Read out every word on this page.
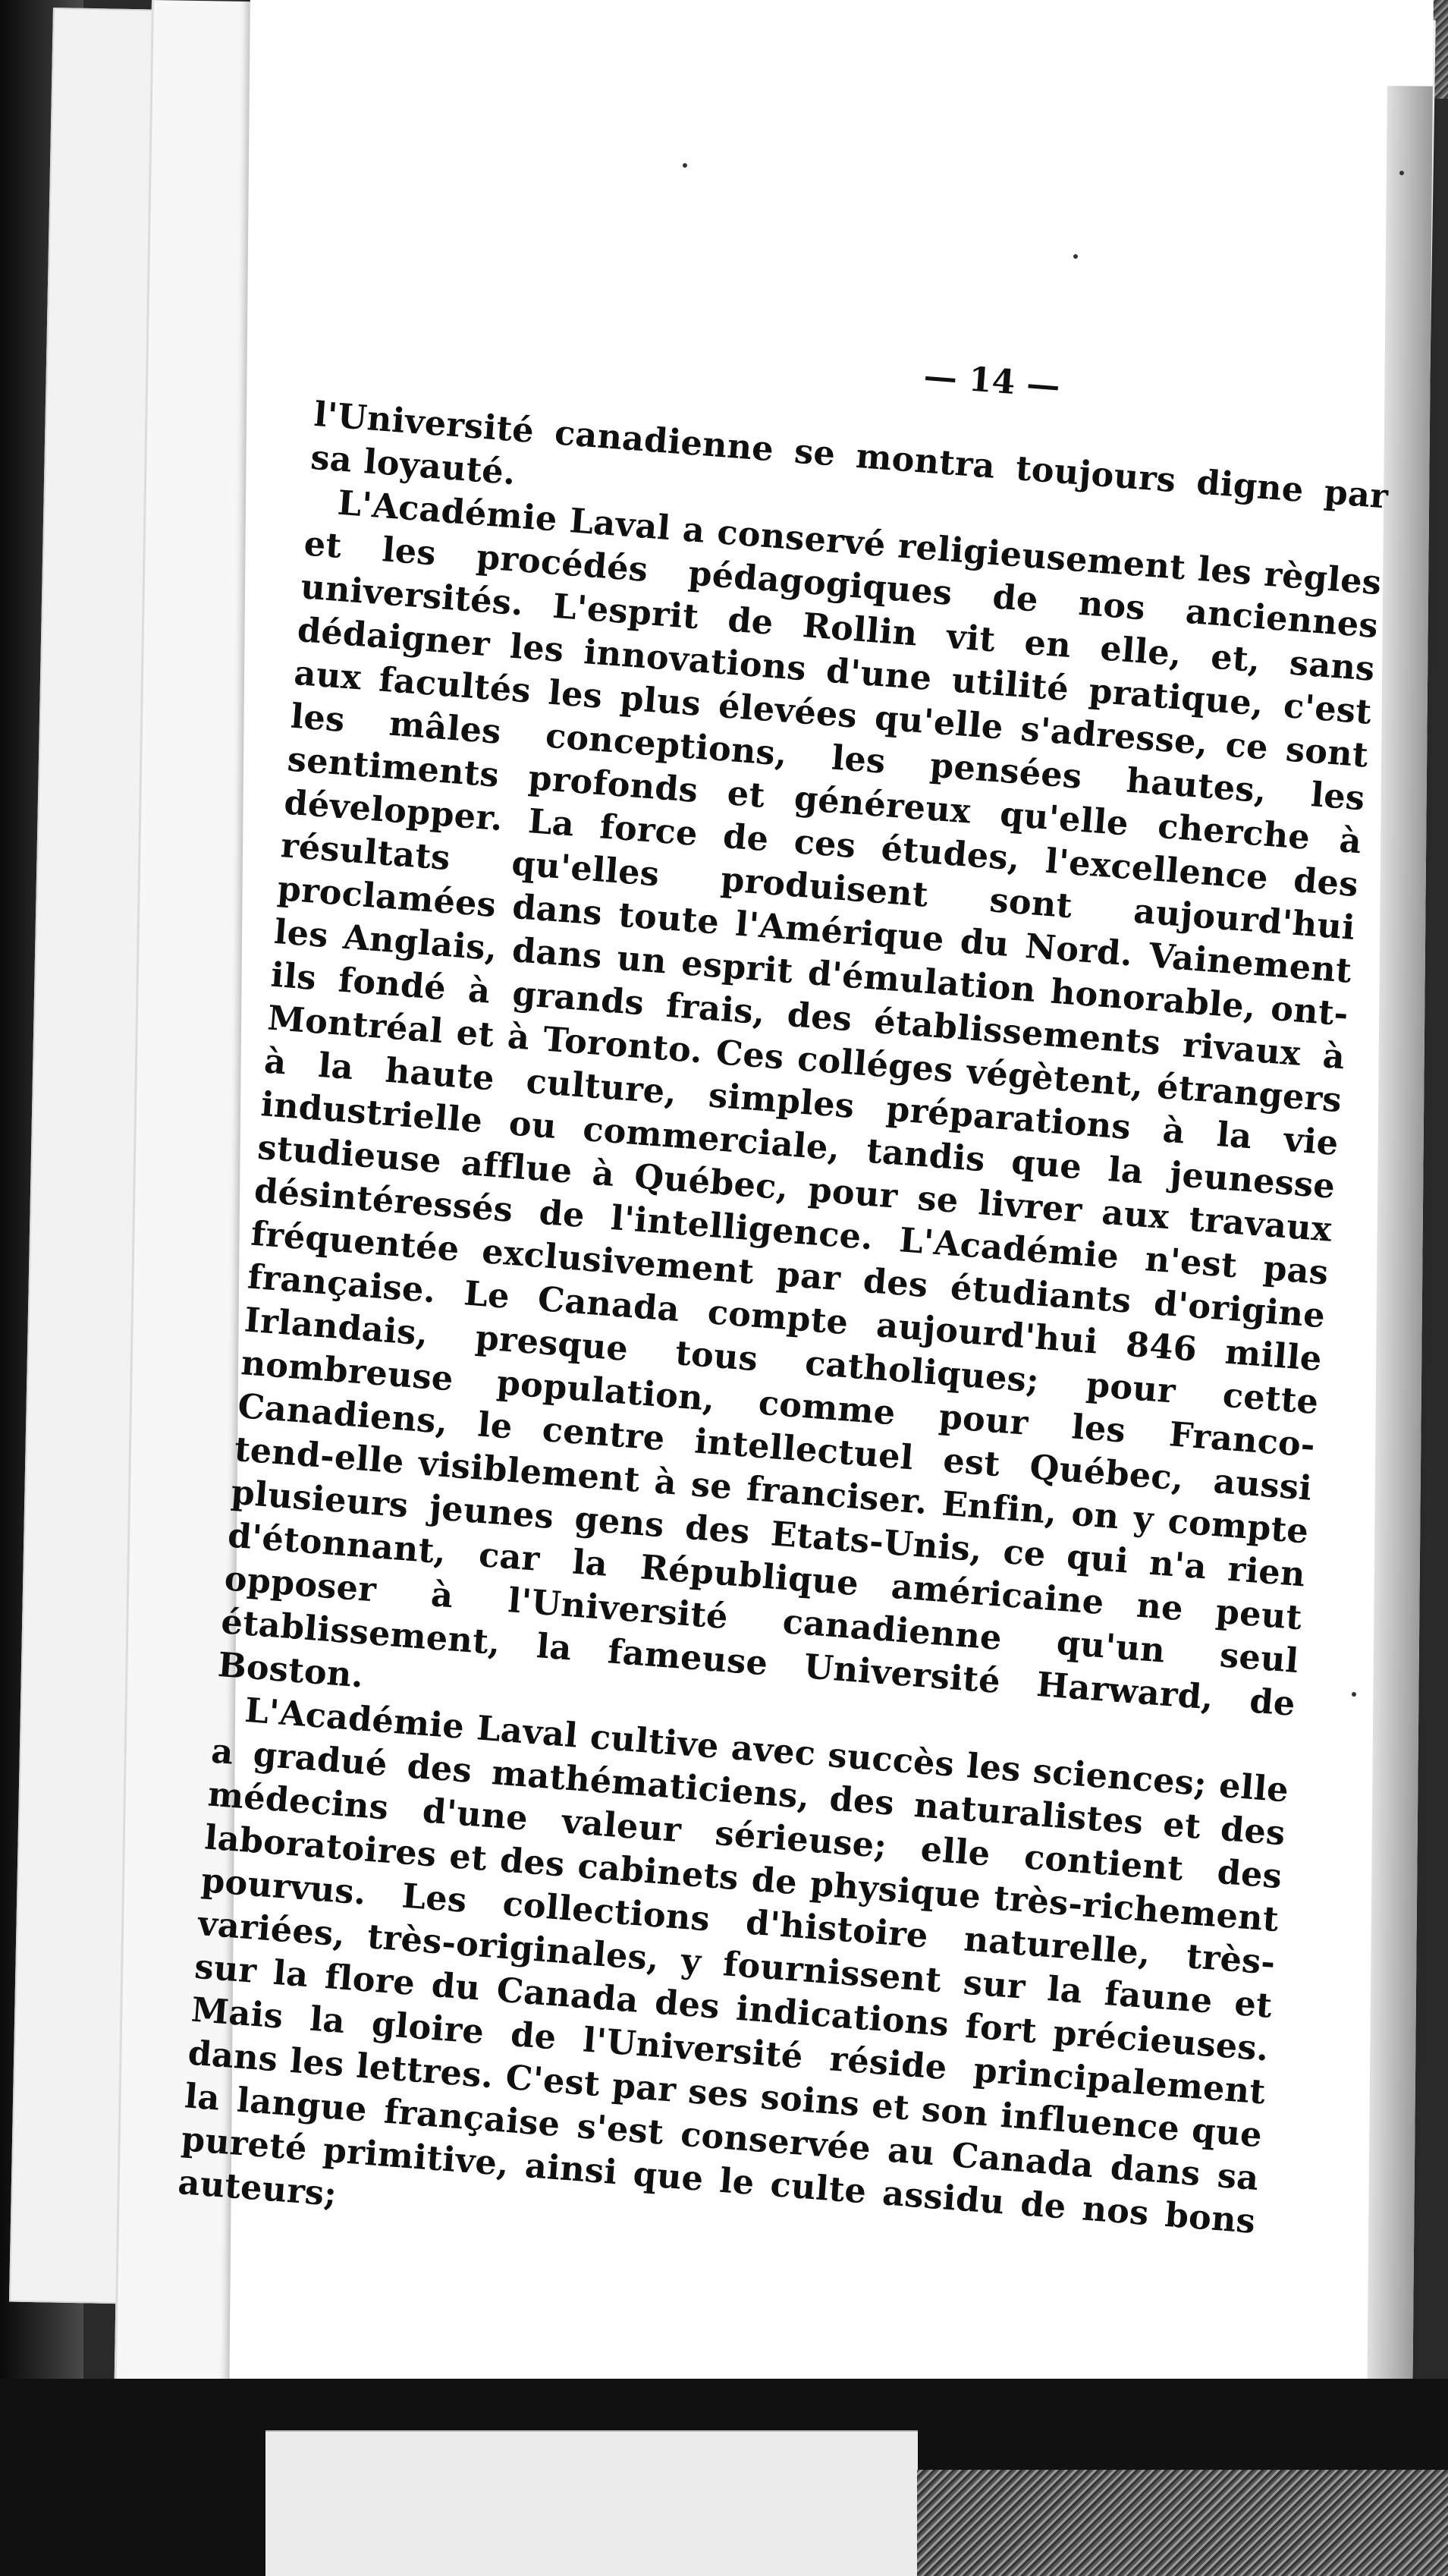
— 14 —

l'Université canadienne se montra toujours digne par sa loyauté.

L'Académie Laval a conservé religieusement les règles et les procédés pédagogiques de nos anciennes universités. L'esprit de Rollin vit en elle, et, sans dédaigner les innovations d'une utilité pratique, c'est aux facultés les plus élevées qu'elle s'adresse, ce sont les mâles conceptions, les pensées hautes, les sentiments profonds et généreux qu'elle cherche à développer. La force de ces études, l'excellence des résultats qu'elles produisent sont aujourd'hui proclamées dans toute l'Amérique du Nord. Vainement les Anglais, dans un esprit d'émulation honorable, ont-ils fondé à grands frais, des établissements rivaux à Montréal et à Toronto. Ces colléges végètent, étrangers à la haute culture, simples préparations à la vie industrielle ou commerciale, tandis que la jeunesse studieuse afflue à Québec, pour se livrer aux travaux désintéressés de l'intelligence. L'Académie n'est pas fréquentée exclusivement par des étudiants d'origine française. Le Canada compte aujourd'hui 846 mille Irlandais, presque tous catholiques; pour cette nombreuse population, comme pour les Franco-Canadiens, le centre intellectuel est Québec, aussi tend-elle visiblement à se franciser. Enfin, on y compte plusieurs jeunes gens des Etats-Unis, ce qui n'a rien d'étonnant, car la République américaine ne peut opposer à l'Université canadienne qu'un seul établissement, la fameuse Université Harward, de Boston.

L'Académie Laval cultive avec succès les sciences; elle a gradué des mathématiciens, des naturalistes et des médecins d'une valeur sérieuse; elle contient des laboratoires et des cabinets de physique très-richement pourvus. Les collections d'histoire naturelle, très-variées, très-originales, y fournissent sur la faune et sur la flore du Canada des indications fort précieuses. Mais la gloire de l'Université réside principalement dans les lettres. C'est par ses soins et son influence que la langue française s'est conservée au Canada dans sa pureté primitive, ainsi que le culte assidu de nos bons auteurs;
